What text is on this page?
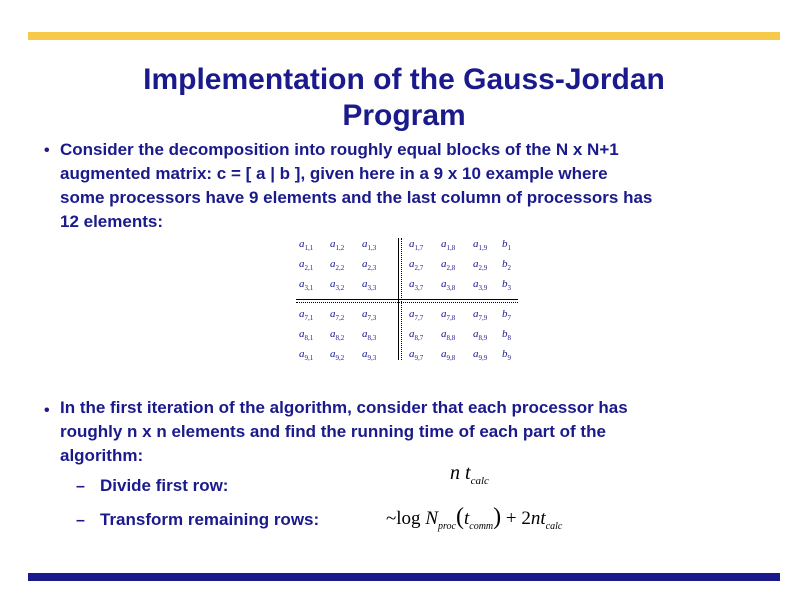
Implementation of the Gauss-Jordan
Program
• Consider the decomposition into roughly equal blocks of the N x N+1
augmented matrix: c = [ a | b ], given here in a 9 x 10 example where
some processors have 9 elements and the last column of processors has
12 elements:
$a_{1,1}$ $a_{1,2}$ $a_{1,3}$	$a_{1,7}$ $a_{1,8}$ $a_{1,9}$ $b_1$
$a_{2,1}$ $a_{2,2}$ $a_{2,3}$	$a_{2,7}$ $a_{2,8}$ $a_{2,9}$ $b_2$
$a_{3,1}$ $a_{3,2}$ $a_{3,3}$	$a_{3,7}$ $a_{3,8}$ $a_{3,9}$ $b_3$
$a_{7,1}$ $a_{7,2}$ $a_{7,3}$	$a_{7,7}$ $a_{7,8}$ $a_{7,9}$ $b_7$
$a_{8,1}$ $a_{8,2}$ $a_{8,3}$	$a_{8,7}$ $a_{8,8}$ $a_{8,9}$ $b_8$
$a_{9,1}$ $a_{9,2}$ $a_{9,3}$	$a_{9,7}$ $a_{9,8}$ $a_{9,9}$ $b_9$
• In the first iteration of the algorithm, consider that each processor has
roughly n x n elements and find the running time of each part of the
algorithm:
– Divide first row:
n $t_{calc}$
– Transform remaining rows:	~log $N_{proc}(t_{comm}) + 2nt_{calc}$
